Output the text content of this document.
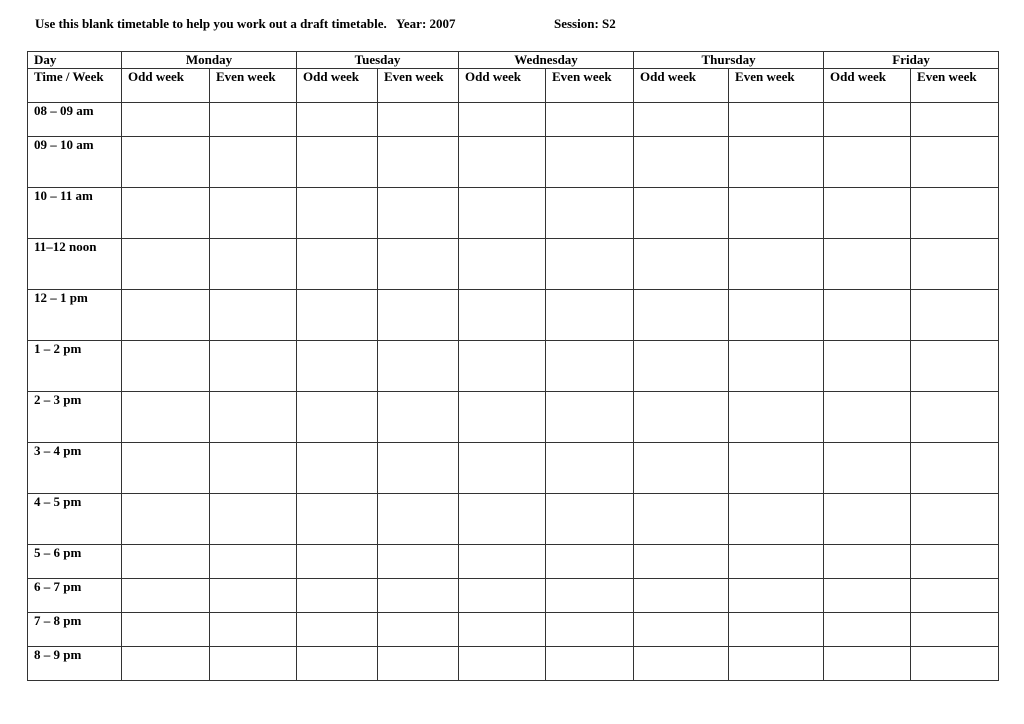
Use this blank timetable to help you work out a draft timetable. Year: 2007	Session: S2
Day	Monday		Tuesday		Wednesday		Thursday		Friday	
Time / Week	Odd week	Even week	Odd week	Even week	Odd week	Even week	Odd week	Even week	Odd week	Even week
08 – 09 am										
09 – 10 am										
10 – 11 am										
11–12 noon										
12 – 1 pm										
1 – 2 pm										
2 – 3 pm										
3 – 4 pm										
4 – 5 pm										
5 – 6 pm										
6 – 7 pm										
7 – 8 pm										
8 – 9 pm										
